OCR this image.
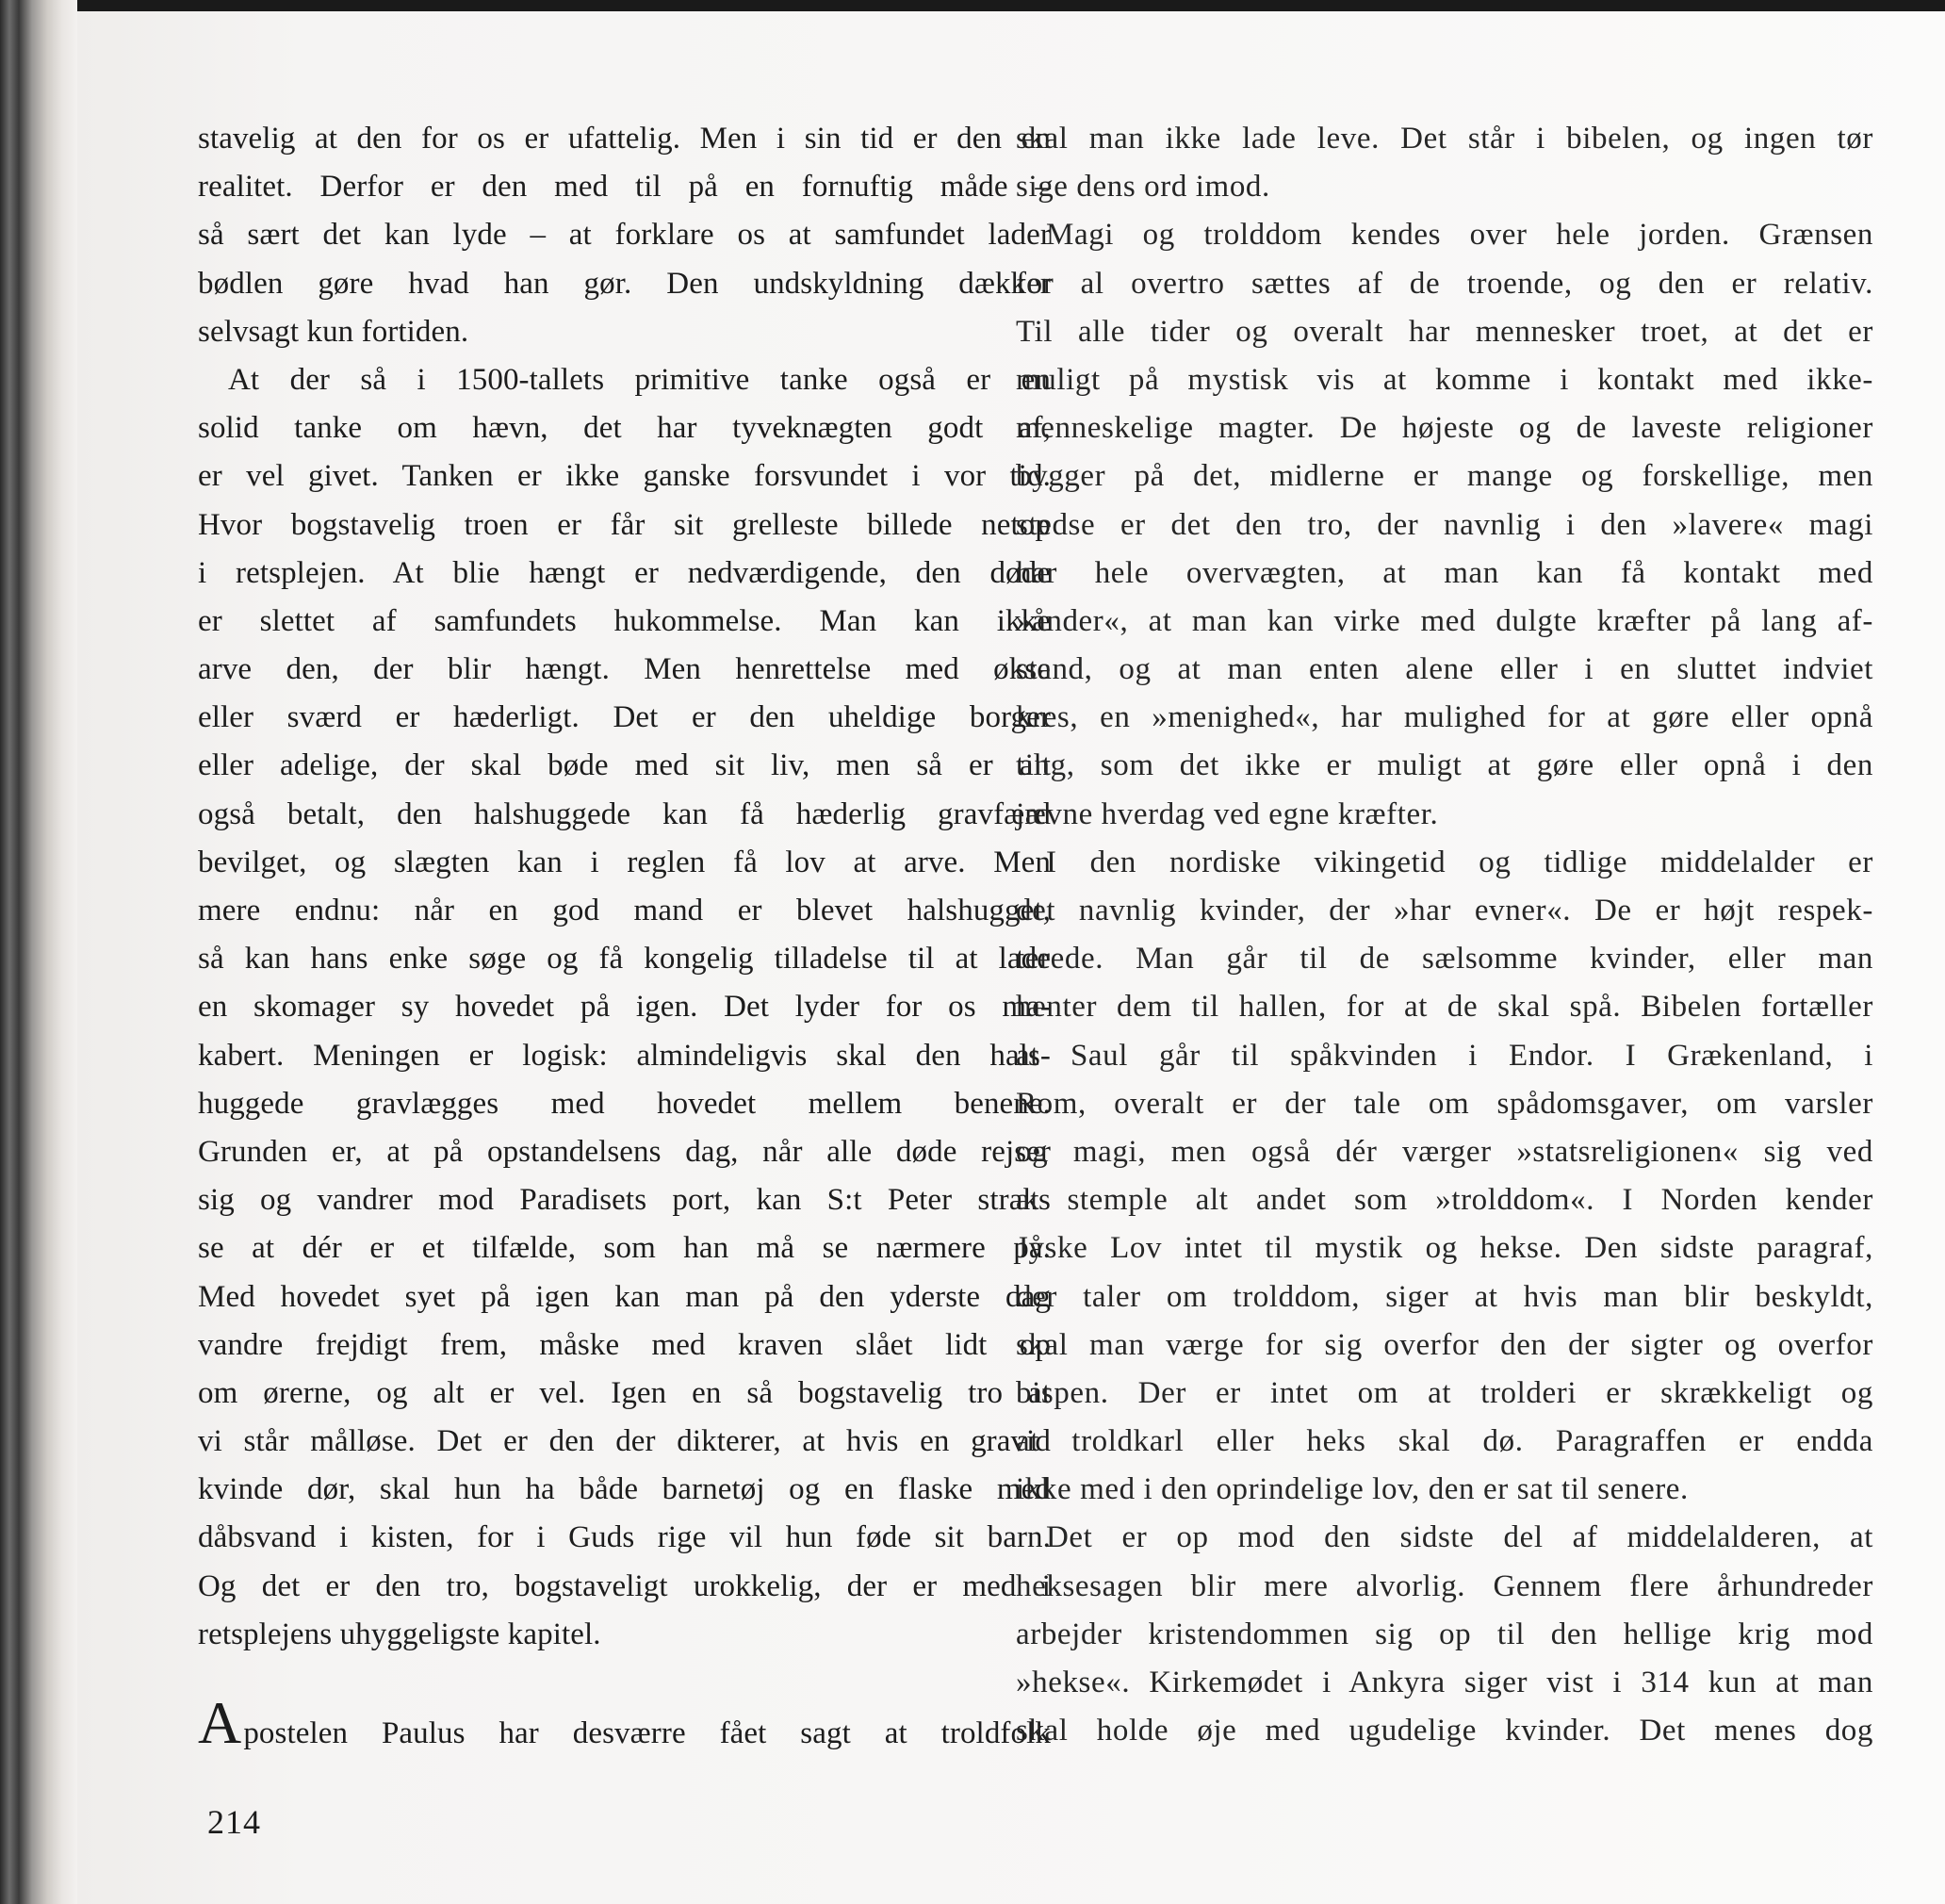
stavelig at den for os er ufattelig. Men i sin tid er den en
realitet. Derfor er den med til på en fornuftig måde –
så sært det kan lyde – at forklare os at samfundet lader
bødlen gøre hvad han gør. Den undskyldning dækker
selvsagt kun fortiden.
At der så i 1500-tallets primitive tanke også er en
solid tanke om hævn, det har tyveknægten godt af,
er vel givet. Tanken er ikke ganske forsvundet i vor tid.
Hvor bogstavelig troen er får sit grelleste billede netop
i retsplejen. At blie hængt er nedværdigende, den døde
er slettet af samfundets hukommelse. Man kan ikke
arve den, der blir hængt. Men henrettelse med økse
eller sværd er hæderligt. Det er den uheldige borger
eller adelige, der skal bøde med sit liv, men så er alt
også betalt, den halshuggede kan få hæderlig gravfærd
bevilget, og slægten kan i reglen få lov at arve. Men
mere endnu: når en god mand er blevet halshugget,
så kan hans enke søge og få kongelig tilladelse til at lade
en skomager sy hovedet på igen. Det lyder for os ma-
kabert. Meningen er logisk: almindeligvis skal den hals-
huggede gravlægges med hovedet mellem benene.
Grunden er, at på opstandelsens dag, når alle døde rejser
sig og vandrer mod Paradisets port, kan S:t Peter straks
se at dér er et tilfælde, som han må se nærmere på.
Med hovedet syet på igen kan man på den yderste dag
vandre frejdigt frem, måske med kraven slået lidt op
om ørerne, og alt er vel. Igen en så bogstavelig tro at
vi står målløse. Det er den der dikterer, at hvis en gravid
kvinde dør, skal hun ha både barnetøj og en flaske med
dåbsvand i kisten, for i Guds rige vil hun føde sit barn.
Og det er den tro, bogstaveligt urokkelig, der er med i
retsplejens uhyggeligste kapitel.
Apostelen Paulus har desværre fået sagt at troldfolk
skal man ikke lade leve. Det står i bibelen, og ingen tør
sige dens ord imod.
Magi og trolddom kendes over hele jorden. Grænsen
for al overtro sættes af de troende, og den er relativ.
Til alle tider og overalt har mennesker troet, at det er
muligt på mystisk vis at komme i kontakt med ikke-
menneskelige magter. De højeste og de laveste religioner
bygger på det, midlerne er mange og forskellige, men
stedse er det den tro, der navnlig i den »lavere« magi
har hele overvægten, at man kan få kontakt med
»ånder«, at man kan virke med dulgte kræfter på lang af-
stand, og at man enten alene eller i en sluttet indviet
kres, en »menighed«, har mulighed for at gøre eller opnå
ting, som det ikke er muligt at gøre eller opnå i den
jævne hverdag ved egne kræfter.
I den nordiske vikingetid og tidlige middelalder er
det navnlig kvinder, der »har evner«. De er højt respek-
terede. Man går til de sælsomme kvinder, eller man
henter dem til hallen, for at de skal spå. Bibelen fortæller
at Saul går til spåkvinden i Endor. I Grækenland, i
Rom, overalt er der tale om spådomsgaver, om varsler
og magi, men også dér værger »statsreligionen« sig ved
at stemple alt andet som »trolddom«. I Norden kender
Jyske Lov intet til mystik og hekse. Den sidste paragraf,
der taler om trolddom, siger at hvis man blir beskyldt,
skal man værge for sig overfor den der sigter og overfor
bispen. Der er intet om at trolderi er skrækkeligt og
at troldkarl eller heks skal dø. Paragraffen er endda
ikke med i den oprindelige lov, den er sat til senere.
Det er op mod den sidste del af middelalderen, at
heksesagen blir mere alvorlig. Gennem flere århundreder
arbejder kristendommen sig op til den hellige krig mod
»hekse«. Kirkemødet i Ankyra siger vist i 314 kun at man
skal holde øje med ugudelige kvinder. Det menes dog
214
